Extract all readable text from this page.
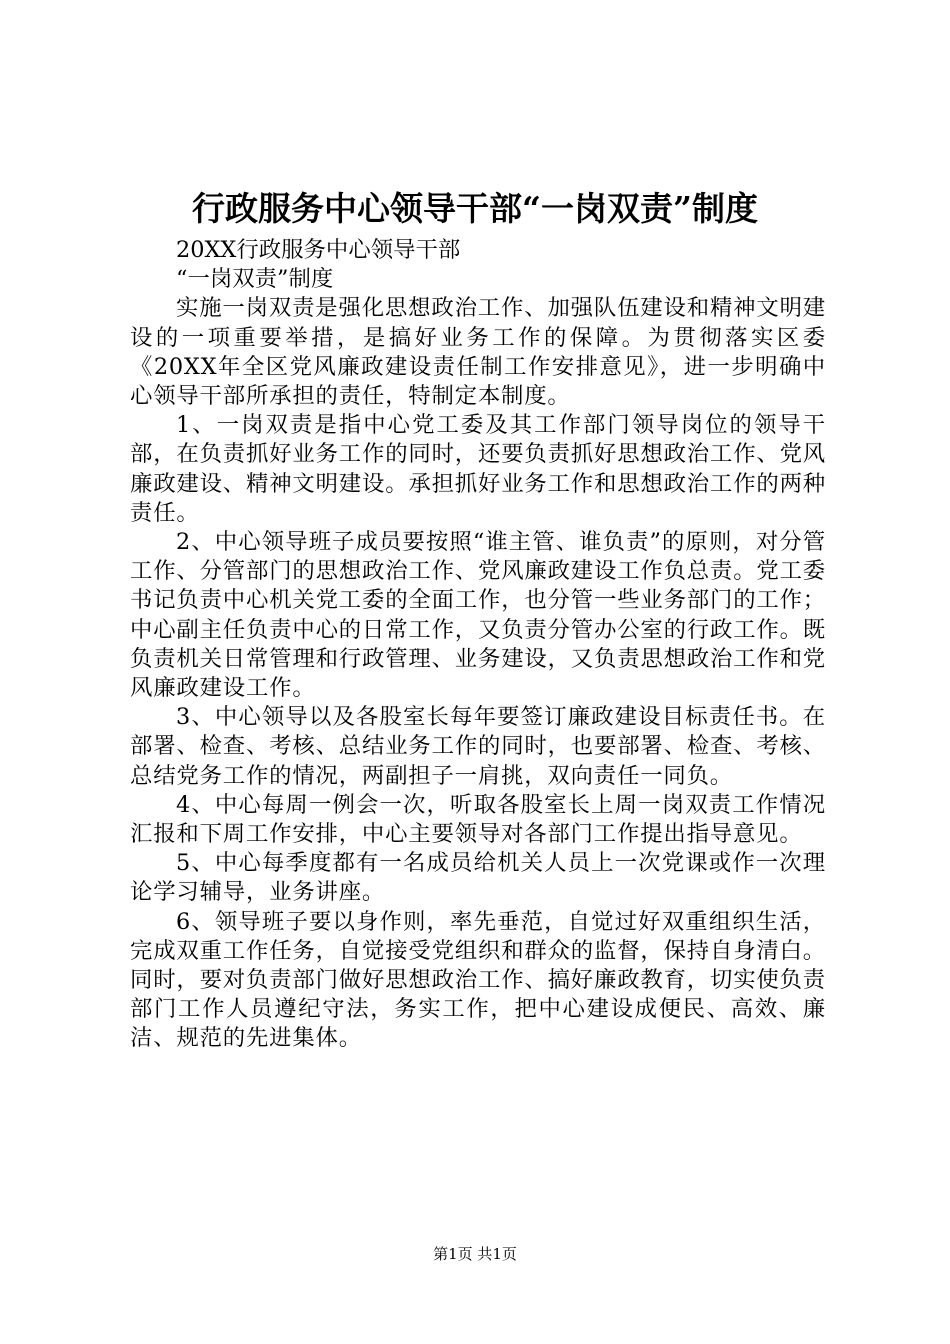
行政服务中心领导干部“一岗双责”制度

20XX行政服务中心领导干部

“一岗双责”制度

实施一岗双责是强化思想政治工作、加强队伍建设和精神文明建设的一项重要举措，是搞好业务工作的保障。为贯彻落实区委《20XX年全区党风廉政建设责任制工作安排意见》，进一步明确中心领导干部所承担的责任，特制定本制度。

1、一岗双责是指中心党工委及其工作部门领导岗位的领导干部，在负责抓好业务工作的同时，还要负责抓好思想政治工作、党风廉政建设、精神文明建设。承担抓好业务工作和思想政治工作的两种责任。

2、中心领导班子成员要按照“谁主管、谁负责”的原则，对分管工作、分管部门的思想政治工作、党风廉政建设工作负总责。党工委书记负责中心机关党工委的全面工作，也分管一些业务部门的工作；中心副主任负责中心的日常工作，又负责分管办公室的行政工作。既负责机关日常管理和行政管理、业务建设，又负责思想政治工作和党风廉政建设工作。

3、中心领导以及各股室长每年要签订廉政建设目标责任书。在部署、检查、考核、总结业务工作的同时，也要部署、检查、考核、总结党务工作的情况，两副担子一肩挑，双向责任一同负。

4、中心每周一例会一次，听取各股室长上周一岗双责工作情况汇报和下周工作安排，中心主要领导对各部门工作提出指导意见。

5、中心每季度都有一名成员给机关人员上一次党课或作一次理论学习辅导，业务讲座。

6、领导班子要以身作则，率先垂范，自觉过好双重组织生活，完成双重工作任务，自觉接受党组织和群众的监督，保持自身清白。同时，要对负责部门做好思想政治工作、搞好廉政教育，切实使负责部门工作人员遵纪守法，务实工作，把中心建设成便民、高效、廉洁、规范的先进集体。

第1页 共1页
